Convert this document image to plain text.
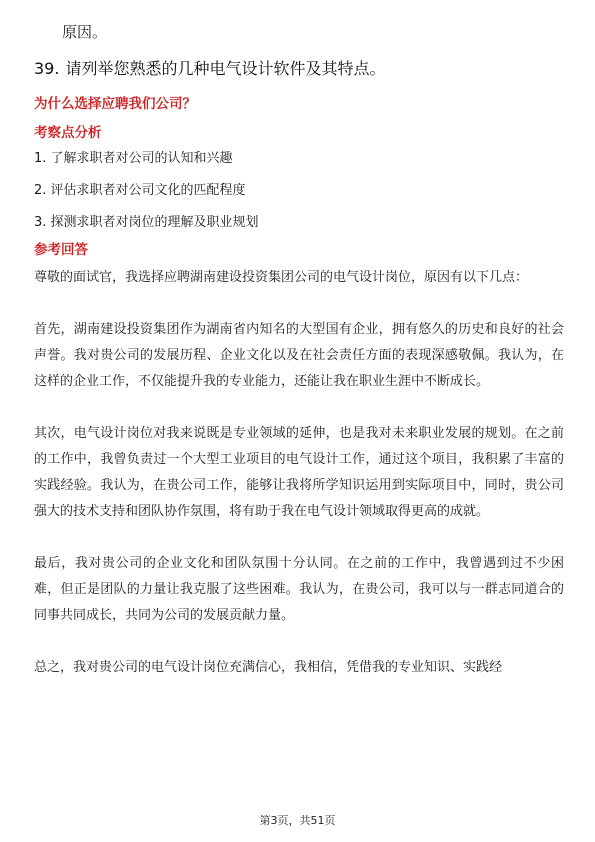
原因。
39. 请列举您熟悉的几种电气设计软件及其特点。
为什么选择应聘我们公司？
考察点分析
1. 了解求职者对公司的认知和兴趣
2. 评估求职者对公司文化的匹配程度
3. 探测求职者对岗位的理解及职业规划
参考回答

尊敬的面试官，我选择应聘湖南建设投资集团公司的电气设计岗位，原因有以下几点：

首先，湖南建设投资集团作为湖南省内知名的大型国有企业，拥有悠久的历史和良好的社会声誉。我对贵公司的发展历程、企业文化以及在社会责任方面的表现深感敬佩。我认为，在这样的企业工作，不仅能提升我的专业能力，还能让我在职业生涯中不断成长。

其次，电气设计岗位对我来说既是专业领域的延伸，也是我对未来职业发展的规划。在之前的工作中，我曾负责过一个大型工业项目的电气设计工作，通过这个项目，我积累了丰富的实践经验。我认为，在贵公司工作，能够让我将所学知识运用到实际项目中，同时，贵公司强大的技术支持和团队协作氛围，将有助于我在电气设计领域取得更高的成就。

最后，我对贵公司的企业文化和团队氛围十分认同。在之前的工作中，我曾遇到过不少困难，但正是团队的力量让我克服了这些困难。我认为，在贵公司，我可以与一群志同道合的同事共同成长，共同为公司的发展贡献力量。

总之，我对贵公司的电气设计岗位充满信心，我相信，凭借我的专业知识、实践经

第3页，共51页
